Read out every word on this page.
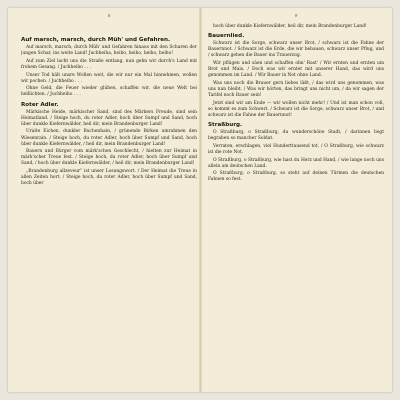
8
Auf marsch, marsch, durch Müh' und Gefahren.

Auf marsch, marsch, durch Müh' und Gefahren hinaus mit den Scharen der jungen Schar, ins weite Land! Juchheiha, heiho, heiho, heiho, heiho!

Auf zum Ziel lacht uns die Straße entlang, nun gehn wir durch's Land mit frohem Gesang. / Juchheiho . . .

Unser Tod hält unsre Wollen weit, die wir nur ein Mal hinnehmen, wollen wir pochen. / Juchheiho . . .

Ohne Geld, die Feuer wieder glühen, schaffen wir, die neue Welt bei helllichten. / Juchheiho . . .

Roter Adler.

Märkische Heide, märkischer Sand, sind des Märkers Freude, sind sein Heimatland. / Steige hoch, du roter Adler, hoch über Sumpf und Sand, hoch über dunkle Kiefernwälder, heil dir, mein Brandenburger Land!

Uralte Eichen, dunkler Buchenhain, / grünende Birken umrahmen den Wiesenrain. / Steige hoch, du roter Adler, hoch über Sumpf und Sand, hoch über dunkle Kiefernwälder, / heil dir, mein Brandenburger Land!

Bauern und Bürger vom märk'schen Geschlecht, / hielten zur Heimat in märk'scher Treue fest. / Steige hoch, du roter Adler, hoch über Sumpf und Sand, / hoch über dunkle Kiefernwälder, / heil dir, mein Brandenburger Land!

„Brandenburg allzeveur“ ist unser Losungswort. / Der Heimat die Treue in allen Zeiten hort. / Steige hoch, du roter Adler, hoch über Sumpf und Sand, hoch über

9

hoch über dunkle Kiefernwälder, heil dir, mein Brandenburger Land!

Bauernlied.

Schwarz ist die Sorge, schwarz unser Brot, / schwarz ist die Fahne der Bauernnot. / Schwarz ist die Erde, die wir bebauen, schwarz unser Pflug, und / schwarz gehen die Bauer ins Trauerzug.

Wir pflügen und säen und schaffen ohn' Rast' / Wir ernten und ernten um Brot und Mais. / Doch was wir erntet mit unserer Hand, das wird uns genommen im Land. / Wir Bauer in Not ohne Land.

Was uns noch die Brauer gern liebes läßt, / das wird uns genommen, was uns nun bleibt. / Was wir hörten, das bringt uns nicht um, / da wir sagen der Tarifel noch Bauer sein!

Jetzt sind wir am Ende — wir wollen nicht mehr! / Und ist man schon voll, so kommt es zum Schwert. / Schwarz ist die Sorge, schwarz unser Brot, / und schwarz ist die Fahne der Bauernnot!

Straßburg.

O Straßburg, o Straßburg, du wunderschöne Stadt, / darinnen liegt begraben so mancher Soldat.

Verraten, erschlagen, viel Hunderttausend tot, / O Straßburg, wie schwarz ist die rote Not.

O Straßburg, o Straßburg, wie hast du Herz und Hand, / wie lange noch uns allein am deutschen Land.

O Straßburg, o Straßburg, so steht auf deinen Türmen die deutschen Fahnen so fest.
